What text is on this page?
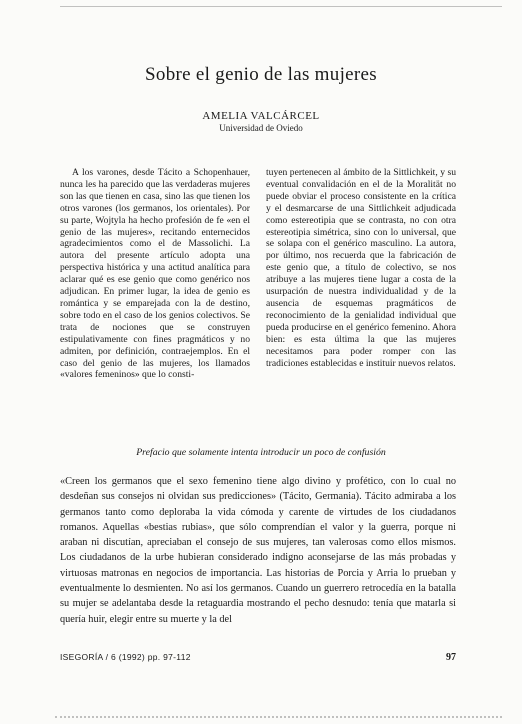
Sobre el genio de las mujeres
AMELIA VALCÁRCEL
Universidad de Oviedo

A los varones, desde Tácito a Schopenhauer, nunca les ha parecido que las verdaderas mujeres son las que tienen en casa, sino las que tienen los otros varones (los germanos, los orientales). Por su parte, Wojtyla ha hecho profesión de fe «en el genio de las mujeres», recitando enternecidos agradecimientos como el de Massolichi. La autora del presente artículo adopta una perspectiva histórica y una actitud analítica para aclarar qué es ese genio que como genérico nos adjudican. En primer lugar, la idea de genio es romántica y se emparejada con la de destino, sobre todo en el caso de los genios colectivos. Se trata de nociones que se construyen estipulativamente con fines pragmáticos y no admiten, por definición, contraejemplos. En el caso del genio de las mujeres, los llamados «valores femeninos» que lo consti-

tuyen pertenecen al ámbito de la Sittlichkeit, y su eventual convalidación en el de la Moralität no puede obviar el proceso consistente en la crítica y el desmarcarse de una Sittlichkeit adjudicada como estereotipia que se contrasta, no con otra estereotipia simétrica, sino con lo universal, que se solapa con el genérico masculino. La autora, por último, nos recuerda que la fabricación de este genio que, a título de colectivo, se nos atribuye a las mujeres tiene lugar a costa de la usurpación de nuestra individualidad y de la ausencia de esquemas pragmáticos de reconocimiento de la genialidad individual que pueda producirse en el genérico femenino. Ahora bien: es esta última la que las mujeres necesitamos para poder romper con las tradiciones establecidas e instituir nuevos relatos.

Prefacio que solamente intenta introducir un poco de confusión

«Creen los germanos que el sexo femenino tiene algo divino y profético, con lo cual no desdeñan sus consejos ni olvidan sus predicciones» (Tácito, Germania). Tácito admiraba a los germanos tanto como deploraba la vida cómoda y carente de virtudes de los ciudadanos romanos. Aquellas «bestias rubias», que sólo comprendían el valor y la guerra, porque ni araban ni discutían, apreciaban el consejo de sus mujeres, tan valerosas como ellos mismos. Los ciudadanos de la urbe hubieran considerado indigno aconsejarse de las más probadas y virtuosas matronas en negocios de importancia. Las historias de Porcia y Arria lo prueban y eventualmente lo desmienten. No así los germanos. Cuando un guerrero retrocedía en la batalla su mujer se adelantaba desde la retaguardia mostrando el pecho desnudo: tenía que matarla si quería huir, elegir entre su muerte y la del

ISEGORÍA / 6 (1992) pp. 97-112	97
